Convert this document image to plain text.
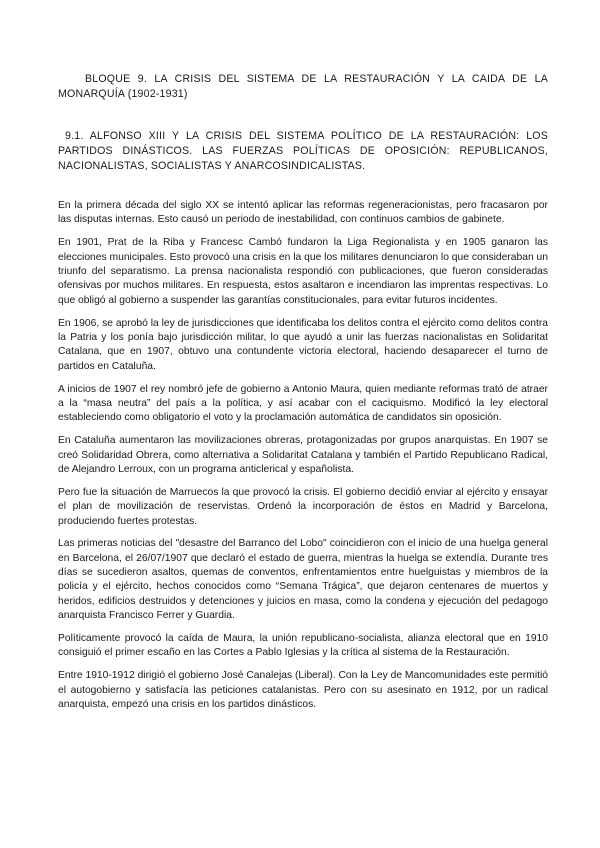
BLOQUE 9. LA CRISIS DEL SISTEMA DE LA RESTAURACIÓN Y LA CAIDA DE LA MONARQUÍA (1902-1931)
9.1. ALFONSO XIII Y LA CRISIS DEL SISTEMA POLÍTICO DE LA RESTAURACIÓN: LOS PARTIDOS DINÁSTICOS. LAS FUERZAS POLÍTICAS DE OPOSICIÓN: REPUBLICANOS, NACIONALISTAS, SOCIALISTAS Y ANARCOSINDICALISTAS.

En la primera década del siglo XX se intentó aplicar las reformas regeneracionistas, pero fracasaron por las disputas internas. Esto causó un periodo de inestabilidad, con continuos cambios de gabinete.

En 1901, Prat de la Riba y Francesc Cambó fundaron la Liga Regionalista y en 1905 ganaron las elecciones municipales. Esto provocó una crisis en la que los militares denunciaron lo que consideraban un triunfo del separatismo. La prensa nacionalista respondió con publicaciones, que fueron consideradas ofensivas por muchos militares. En respuesta, estos asaltaron e incendiaron las imprentas respectivas. Lo que obligó al gobierno a suspender las garantías constitucionales, para evitar futuros incidentes.

En 1906, se aprobó la ley de jurisdicciones que identificaba los delitos contra el ejército como delitos contra la Patria y los ponía bajo jurisdicción militar, lo que ayudó a unir las fuerzas nacionalistas en Solidaritat Catalana, que en 1907, obtuvo una contundente victoria electoral, haciendo desaparecer el turno de partidos en Cataluña.

A inicios de 1907 el rey nombró jefe de gobierno a Antonio Maura, quien mediante reformas trató de atraer a la “masa neutra” del país a la política, y así acabar con el caciquismo. Modificó la ley electoral estableciendo como obligatorio el voto y la proclamación automática de candidatos sin oposición.

En Cataluña aumentaron las movilizaciones obreras, protagonizadas por grupos anarquistas. En 1907 se creó Solidaridad Obrera, como alternativa a Solidaritat Catalana y también el Partido Republicano Radical, de Alejandro Lerroux, con un programa anticlerical y españolista.

Pero fue la situación de Marruecos la que provocó la crisis. El gobierno decidió enviar al ejército y ensayar el plan de movilización de reservistas. Ordenó la incorporación de éstos en Madrid y Barcelona, produciendo fuertes protestas.

Las primeras noticias del "desastre del Barranco del Lobo" coincidieron con el inicio de una huelga general en Barcelona, el 26/07/1907 que declaró el estado de guerra, mientras la huelga se extendía. Durante tres días se sucedieron asaltos, quemas de conventos, enfrentamientos entre huelguistas y miembros de la policía y el ejército, hechos conocidos como “Semana Trágica”, que dejaron centenares de muertos y heridos, edificios destruidos y detenciones y juicios en masa, como la condena y ejecución del pedagogo anarquista Francisco Ferrer y Guardia.

Políticamente provocó la caída de Maura, la unión republicano-socialista, alianza electoral que en 1910 consiguió el primer escaño en las Cortes a Pablo Iglesias y la crítica al sistema de la Restauración.

Entre 1910-1912 dirigió el gobierno José Canalejas (Liberal). Con la Ley de Mancomunidades este permitió el autogobierno y satisfacía las peticiones catalanistas. Pero con su asesinato en 1912, por un radical anarquista, empezó una crisis en los partidos dinásticos.
